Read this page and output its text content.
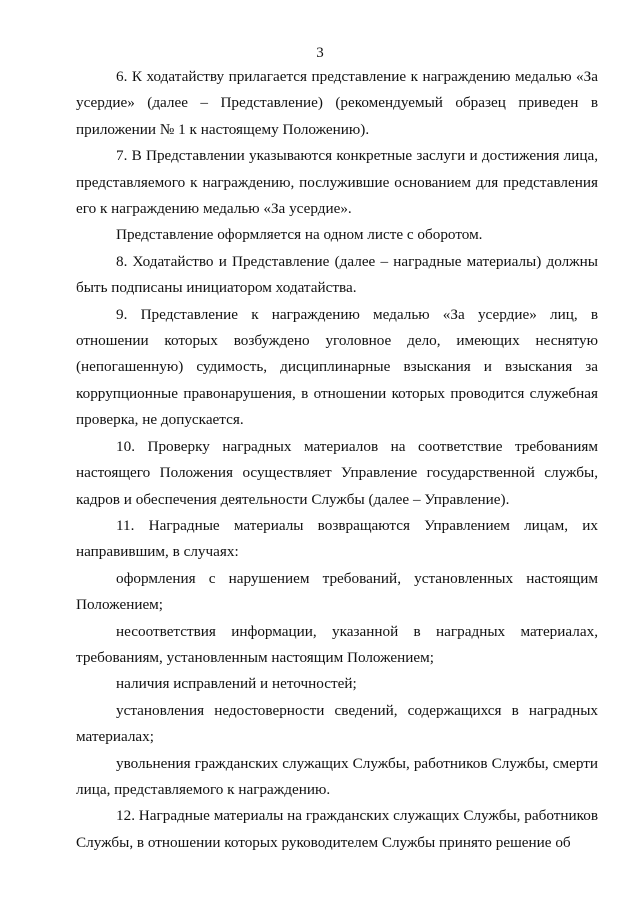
3

6. К ходатайству прилагается представление к награждению медалью «За усердие» (далее – Представление) (рекомендуемый образец приведен в приложении № 1 к настоящему Положению).

7. В Представлении указываются конкретные заслуги и достижения лица, представляемого к награждению, послужившие основанием для представления его к награждению медалью «За усердие».

Представление оформляется на одном листе с оборотом.

8. Ходатайство и Представление (далее – наградные материалы) должны быть подписаны инициатором ходатайства.

9. Представление к награждению медалью «За усердие» лиц, в отношении которых возбуждено уголовное дело, имеющих неснятую (непогашенную) судимость, дисциплинарные взыскания и взыскания за коррупционные правонарушения, в отношении которых проводится служебная проверка, не допускается.

10. Проверку наградных материалов на соответствие требованиям настоящего Положения осуществляет Управление государственной службы, кадров и обеспечения деятельности Службы (далее – Управление).

11. Наградные материалы возвращаются Управлением лицам, их направившим, в случаях:

оформления с нарушением требований, установленных настоящим Положением;

несоответствия информации, указанной в наградных материалах, требованиям, установленным настоящим Положением;

наличия исправлений и неточностей;

установления недостоверности сведений, содержащихся в наградных материалах;

увольнения гражданских служащих Службы, работников Службы, смерти лица, представляемого к награждению.

12. Наградные материалы на гражданских служащих Службы, работников Службы, в отношении которых руководителем Службы принято решение об
